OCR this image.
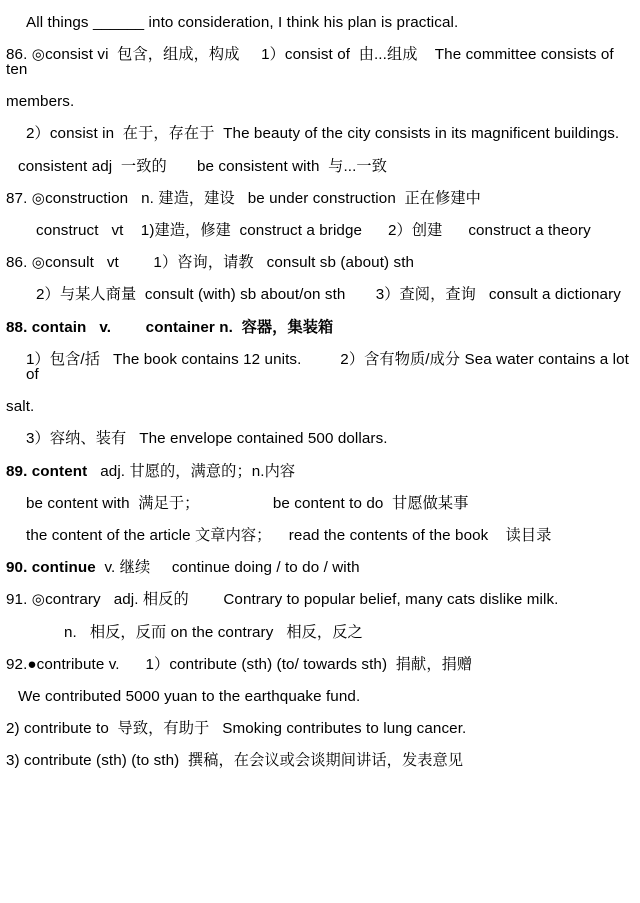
All things ______ into consideration, I think his plan is practical.
86. ◎consist vi  包含，组成，构成     1）consist of  由...组成    The committee consists of ten
members.
2）consist in  在于，存在于  The beauty of the city consists in its magnificent buildings.
consistent adj  一致的       be consistent with  与...一致
87. ◎construction   n. 建造，建设   be under construction  正在修建中
construct   vt    1)建造，修建  construct a bridge      2）创建      construct a theory
86. ◎consult   vt        1）咨询，请教   consult sb (about) sth
2）与某人商量  consult (with) sb about/on sth       3）查阅，查询   consult a dictionary
88. contain   v.        container n.  容器，集装箱
1）包含/括   The book contains 12 units.         2）含有物质/成分 Sea water contains a lot of
salt.
3）容纳、装有   The envelope contained 500 dollars.
89. content   adj. 甘愿的，满意的；n.内容
be content with  满足于；                 be content to do  甘愿做某事
the content of the article 文章内容；    read the contents of the book    读目录
90. continue  v. 继续     continue doing / to do / with
91. ◎contrary   adj. 相反的        Contrary to popular belief, many cats dislike milk.
n.   相反，反而 on the contrary   相反，反之
92.●contribute v.      1）contribute (sth) (to/ towards sth)  捐献，捐赠
We contributed 5000 yuan to the earthquake fund.
2) contribute to  导致，有助于   Smoking contributes to lung cancer.
3) contribute (sth) (to sth)  撰稿，在会议或会谈期间讲话，发表意见
